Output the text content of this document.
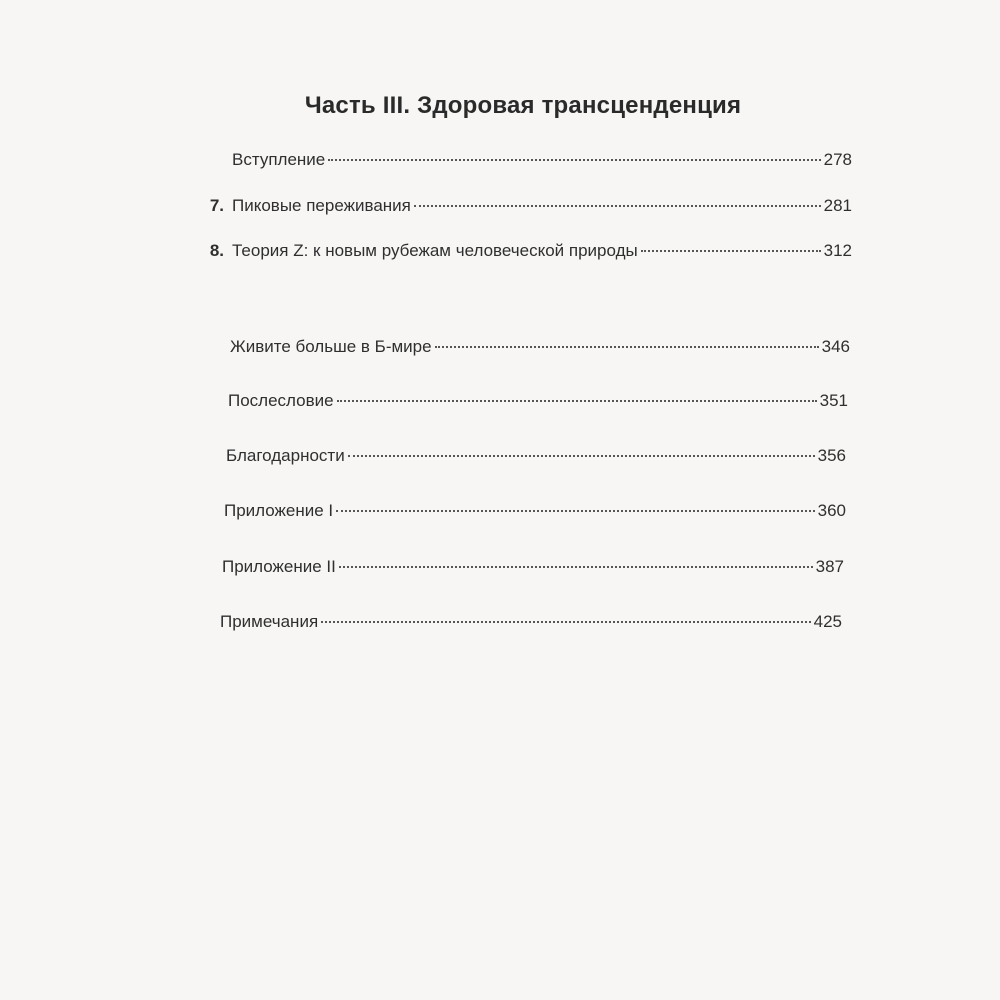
Часть III. Здоровая трансценденция
Вступление	278
7. Пиковые переживания	281
8. Теория Z: к новым рубежам человеческой природы	312
Живите больше в Б-мире	346
Послесловие	351
Благодарности	356
Приложение I	360
Приложение II	387
Примечания	425
